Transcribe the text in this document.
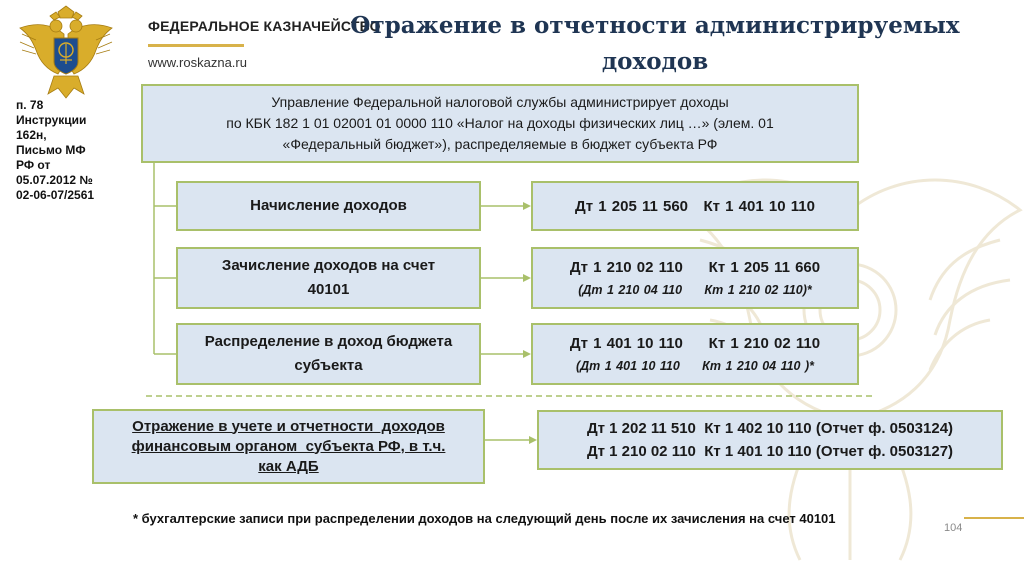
ФЕДЕРАЛЬНОЕ КАЗНАЧЕЙСТВО
www.roskazna.ru
Отражение в отчетности администрируемых
доходов
п. 78
Инструкции
162н,
Письмо МФ
РФ от
05.07.2012 №
02-06-07/2561
Управление Федеральной налоговой службы администрирует доходы
по КБК 182 1 01 02001 01 0000 110 «Налог на доходы физических лиц …» (элем. 01
«Федеральный бюджет»), распределяемые в бюджет субъекта РФ
Начисление доходов	Дт 1 205 11 560   Кт 1 401 10 110
Зачисление доходов на счет
40101
Дт 1 210 02 110     Кт 1 205 11 660
(Дт 1 210 04 110     Кт 1 210 02 110)*
Распределение в доход бюджета
субъекта
Дт 1 401 10 110     Кт 1 210 02 110
(Дт 1 401 10 110     Кт 1 210 04 110 )*
Отражение в учете и отчетности  доходов
финансовым органом  субъекта РФ, в т.ч.
как АДБ
Дт 1 202 11 510  Кт 1 402 10 110 (Отчет ф. 0503124)
Дт 1 210 02 110  Кт 1 401 10 110 (Отчет ф. 0503127)
* бухгалтерские записи при распределении доходов на следующий день после их зачисления на счет 40101
104
